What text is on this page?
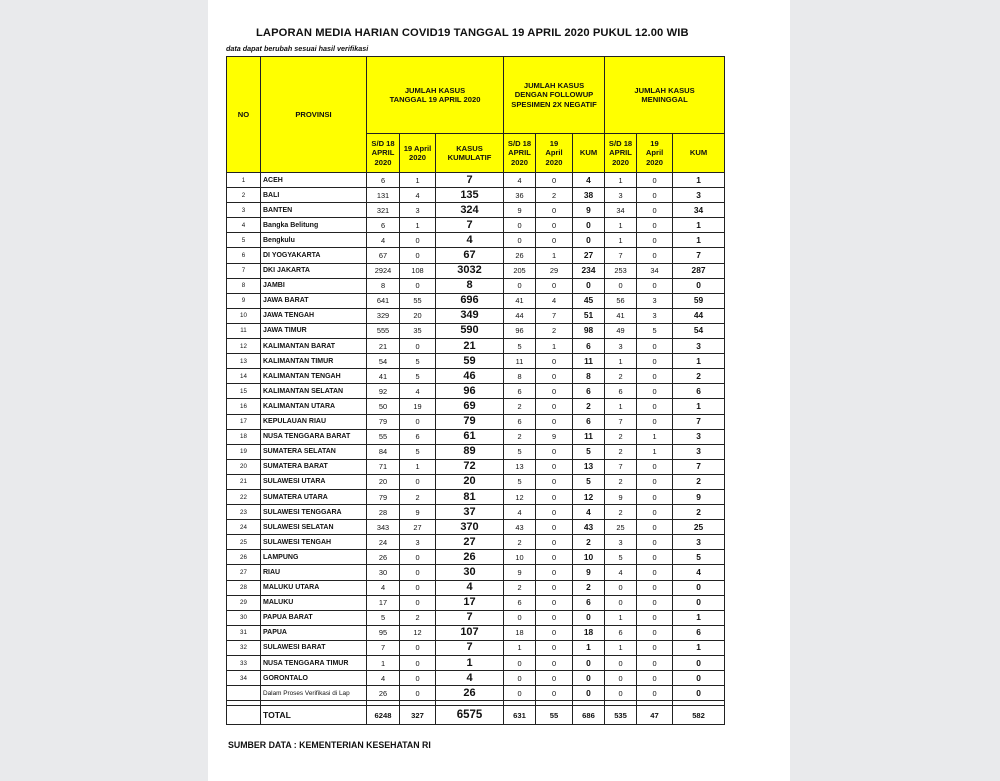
LAPORAN MEDIA HARIAN COVID19 TANGGAL 19 APRIL 2020 PUKUL 12.00 WIB
data dapat berubah sesuai hasil verifikasi
NO	PROVINSI	JUMLAH KASUS TANGGAL 19 APRIL 2020			JUMLAH KASUS DENGAN FOLLOWUP SPESIMEN 2X NEGATIF			JUMLAH KASUS MENINGGAL		
		S/D 18 APRIL 2020	19 April 2020	KASUS KUMULATIF	S/D 18 APRIL 2020	19 April 2020	KUM	S/D 18 APRIL 2020	19 April 2020	KUM
1	ACEH	6	1	7	4	0	4	1	0	1
2	BALI	131	4	135	36	2	38	3	0	3
3	BANTEN	321	3	324	9	0	9	34	0	34
4	Bangka Belitung	6	1	7	0	0	0	1	0	1
5	Bengkulu	4	0	4	0	0	0	1	0	1
6	DI YOGYAKARTA	67	0	67	26	1	27	7	0	7
7	DKI JAKARTA	2924	108	3032	205	29	234	253	34	287
8	JAMBI	8	0	8	0	0	0	0	0	0
9	JAWA BARAT	641	55	696	41	4	45	56	3	59
10	JAWA TENGAH	329	20	349	44	7	51	41	3	44
11	JAWA TIMUR	555	35	590	96	2	98	49	5	54
12	KALIMANTAN BARAT	21	0	21	5	1	6	3	0	3
13	KALIMANTAN TIMUR	54	5	59	11	0	11	1	0	1
14	KALIMANTAN TENGAH	41	5	46	8	0	8	2	0	2
15	KALIMANTAN SELATAN	92	4	96	6	0	6	6	0	6
16	KALIMANTAN UTARA	50	19	69	2	0	2	1	0	1
17	KEPULAUAN RIAU	79	0	79	6	0	6	7	0	7
18	NUSA TENGGARA BARAT	55	6	61	2	9	11	2	1	3
19	SUMATERA SELATAN	84	5	89	5	0	5	2	1	3
20	SUMATERA BARAT	71	1	72	13	0	13	7	0	7
21	SULAWESI UTARA	20	0	20	5	0	5	2	0	2
22	SUMATERA UTARA	79	2	81	12	0	12	9	0	9
23	SULAWESI TENGGARA	28	9	37	4	0	4	2	0	2
24	SULAWESI SELATAN	343	27	370	43	0	43	25	0	25
25	SULAWESI TENGAH	24	3	27	2	0	2	3	0	3
26	LAMPUNG	26	0	26	10	0	10	5	0	5
27	RIAU	30	0	30	9	0	9	4	0	4
28	MALUKU UTARA	4	0	4	2	0	2	0	0	0
29	MALUKU	17	0	17	6	0	6	0	0	0
30	PAPUA BARAT	5	2	7	0	0	0	1	0	1
31	PAPUA	95	12	107	18	0	18	6	0	6
32	SULAWESI BARAT	7	0	7	1	0	1	1	0	1
33	NUSA TENGGARA TIMUR	1	0	1	0	0	0	0	0	0
34	GORONTALO	4	0	4	0	0	0	0	0	0
	Dalam Proses Verifikasi di Lap	26	0	26	0	0	0	0	0	0

	TOTAL	6248	327	6575	631	55	686	535	47	582
SUMBER DATA : KEMENTERIAN KESEHATAN RI
